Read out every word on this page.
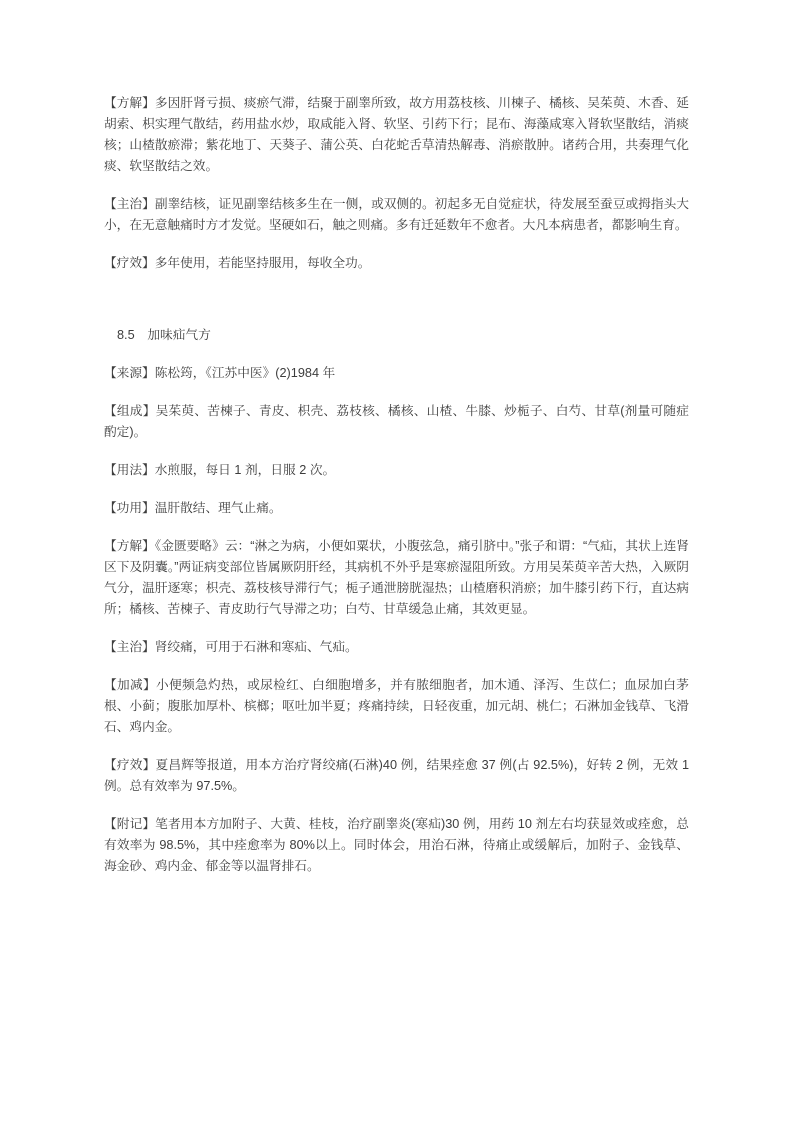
【方解】多因肝肾亏损、痰瘀气滞，结聚于副睾所致，故方用荔枝核、川楝子、橘核、吴茱萸、木香、延胡索、枳实理气散结，药用盐水炒，取咸能入肾、软坚、引药下行；昆布、海藻咸寒入肾软坚散结，消痰核；山楂散瘀滞；紫花地丁、天葵子、蒲公英、白花蛇舌草清热解毒、消瘀散肿。诸药合用，共奏理气化痰、软坚散结之效。
【主治】副睾结核，证见副睾结核多生在一侧，或双侧的。初起多无自觉症状，待发展至蚕豆或拇指头大小，在无意触痛时方才发觉。坚硬如石，触之则痛。多有迁延数年不愈者。大凡本病患者，都影响生育。
【疗效】多年使用，若能坚持服用，每收全功。
8.5　加味疝气方
【来源】陈松筠，《江苏中医》(2)1984 年
【组成】吴茱萸、苦楝子、青皮、枳壳、荔枝核、橘核、山楂、牛膝、炒栀子、白芍、甘草(剂量可随症酌定)。
【用法】水煎服，每日 1 剂，日服 2 次。
【功用】温肝散结、理气止痛。
【方解】《金匮要略》云：“淋之为病，小便如粟状，小腹弦急，痛引脐中。”张子和谓：“气疝，其状上连肾区下及阴囊。”两证病变部位皆属厥阴肝经，其病机不外乎是寒瘀湿阻所致。方用吴茱萸辛苦大热，入厥阴气分，温肝逐寒；枳壳、荔枝核导滞行气；栀子通泄膀胱湿热；山楂磨积消瘀；加牛膝引药下行，直达病所；橘核、苦楝子、青皮助行气导滞之功；白芍、甘草缓急止痛，其效更显。
【主治】肾绞痛，可用于石淋和寒疝、气疝。
【加减】小便频急灼热，或尿检红、白细胞增多，并有脓细胞者，加木通、泽泻、生苡仁；血尿加白茅根、小蓟；腹胀加厚朴、槟榔；呕吐加半夏；疼痛持续，日轻夜重，加元胡、桃仁；石淋加金钱草、飞滑石、鸡内金。
【疗效】夏昌辉等报道，用本方治疗肾绞痛(石淋)40 例，结果痊愈 37 例(占 92.5%)，好转 2 例，无效 1 例。总有效率为 97.5%。
【附记】笔者用本方加附子、大黄、桂枝，治疗副睾炎(寒疝)30 例，用药 10 剂左右均获显效或痊愈，总有效率为 98.5%，其中痊愈率为 80%以上。同时体会，用治石淋，待痛止或缓解后，加附子、金钱草、海金砂、鸡内金、郁金等以温肾排石。
